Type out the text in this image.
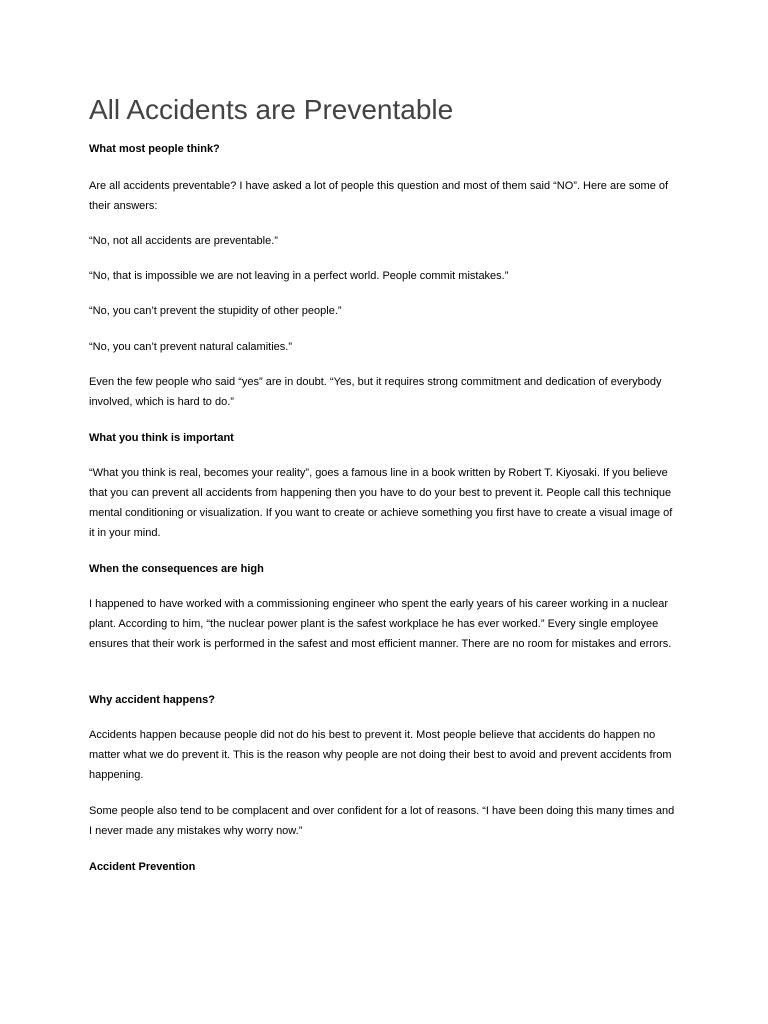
All Accidents are Preventable
What most people think?
Are all accidents preventable? I have asked a lot of people this question and most of them said “NO”. Here are some of their answers:
“No, not all accidents are preventable.”
“No, that is impossible we are not leaving in a perfect world. People commit mistakes.”
“No, you can’t prevent the stupidity of other people.”
“No, you can’t prevent natural calamities.”
Even the few people who said “yes” are in doubt. “Yes, but it requires strong commitment and dedication of everybody involved, which is hard to do.”
What you think is important
“What you think is real, becomes your reality”, goes a famous line in a book written by Robert T. Kiyosaki. If you believe that you can prevent all accidents from happening then you have to do your best to prevent it. People call this technique mental conditioning or visualization. If you want to create or achieve something you first have to create a visual image of it in your mind.
When the consequences are high
I happened to have worked with a commissioning engineer who spent the early years of his career working in a nuclear plant. According to him, “the nuclear power plant is the safest workplace he has ever worked.” Every single employee ensures that their work is performed in the safest and most efficient manner. There are no room for mistakes and errors.
Why accident happens?
Accidents happen because people did not do his best to prevent it. Most people believe that accidents do happen no matter what we do prevent it. This is the reason why people are not doing their best to avoid and prevent accidents from happening.
Some people also tend to be complacent and over confident for a lot of reasons. “I have been doing this many times and I never made any mistakes why worry now.”
Accident Prevention
